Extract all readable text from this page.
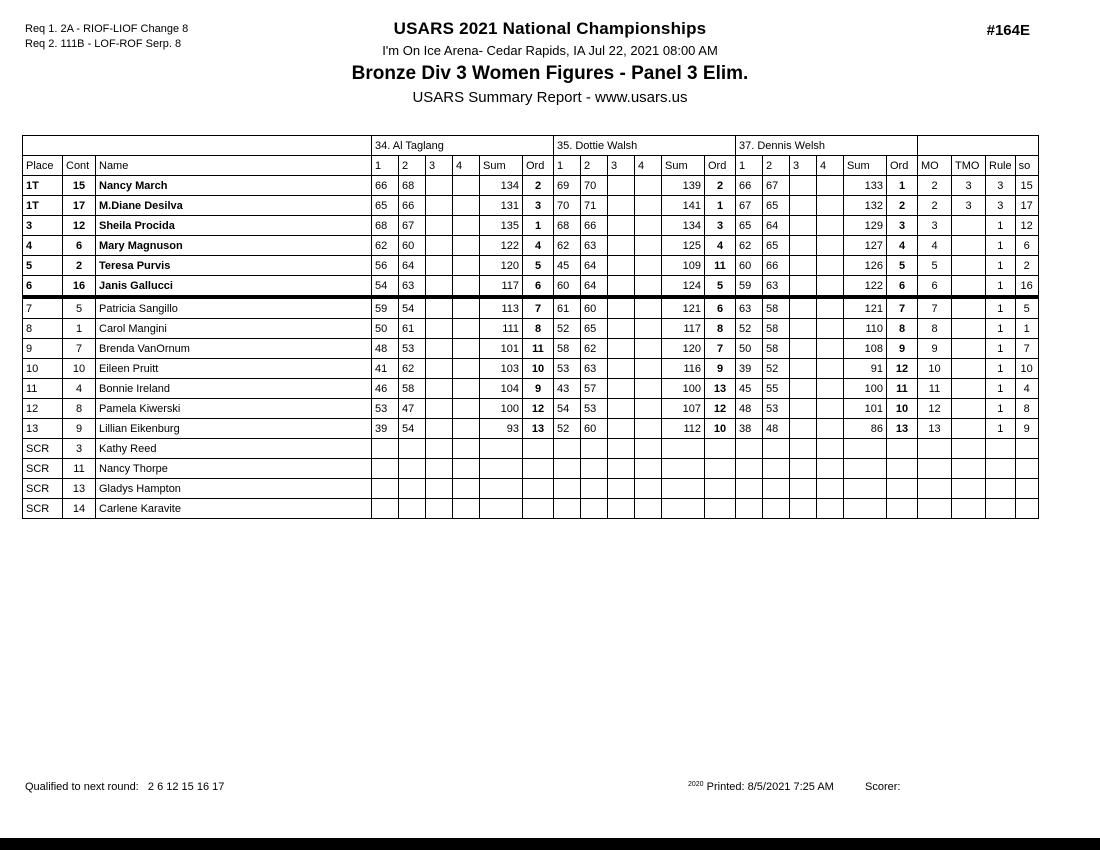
Req 1. 2A - RIOF-LIOF Change 8
Req 2. 111B - LOF-ROF Serp. 8
USARS 2021 National Championships
I'm On Ice Arena- Cedar Rapids, IA Jul 22, 2021 08:00 AM
Bronze Div 3 Women Figures - Panel 3 Elim.
USARS Summary Report - www.usars.us
#164E
			34. Al Taglang						35. Dottie Walsh						37. Dennis Welsh									
Place	Cont	Name	1	2	3	4	Sum	Ord	1	2	3	4	Sum	Ord	1	2	3	4	Sum	Ord	MO	TMO	Rule	so
1T	15	Nancy March	66	68			134	2	69	70			139	2	66	67			133	1	2	3	3	15
1T	17	M.Diane Desilva	65	66			131	3	70	71			141	1	67	65			132	2	2	3	3	17
3	12	Sheila Procida	68	67			135	1	68	66			134	3	65	64			129	3	3		1	12
4	6	Mary Magnuson	62	60			122	4	62	63			125	4	62	65			127	4	4		1	6
5	2	Teresa Purvis	56	64			120	5	45	64			109	11	60	66			126	5	5		1	2
6	16	Janis Gallucci	54	63			117	6	60	64			124	5	59	63			122	6	6		1	16
7	5	Patricia Sangillo	59	54			113	7	61	60			121	6	63	58			121	7	7		1	5
8	1	Carol Mangini	50	61			111	8	52	65			117	8	52	58			110	8	8		1	1
9	7	Brenda VanOrnum	48	53			101	11	58	62			120	7	50	58			108	9	9		1	7
10	10	Eileen Pruitt	41	62			103	10	53	63			116	9	39	52			91	12	10		1	10
11	4	Bonnie Ireland	46	58			104	9	43	57			100	13	45	55			100	11	11		1	4
12	8	Pamela Kiwerski	53	47			100	12	54	53			107	12	48	53			101	10	12		1	8
13	9	Lillian Eikenburg	39	54			93	13	52	60			112	10	38	48			86	13	13		1	9
SCR	3	Kathy Reed																						
SCR	11	Nancy Thorpe																						
SCR	13	Gladys Hampton																						
SCR	14	Carlene Karavite																						
Qualified to next round: 2 6 12 15 16 17	$^{2020}$ Printed: 8/5/2021 7:25 AM	Scorer:
